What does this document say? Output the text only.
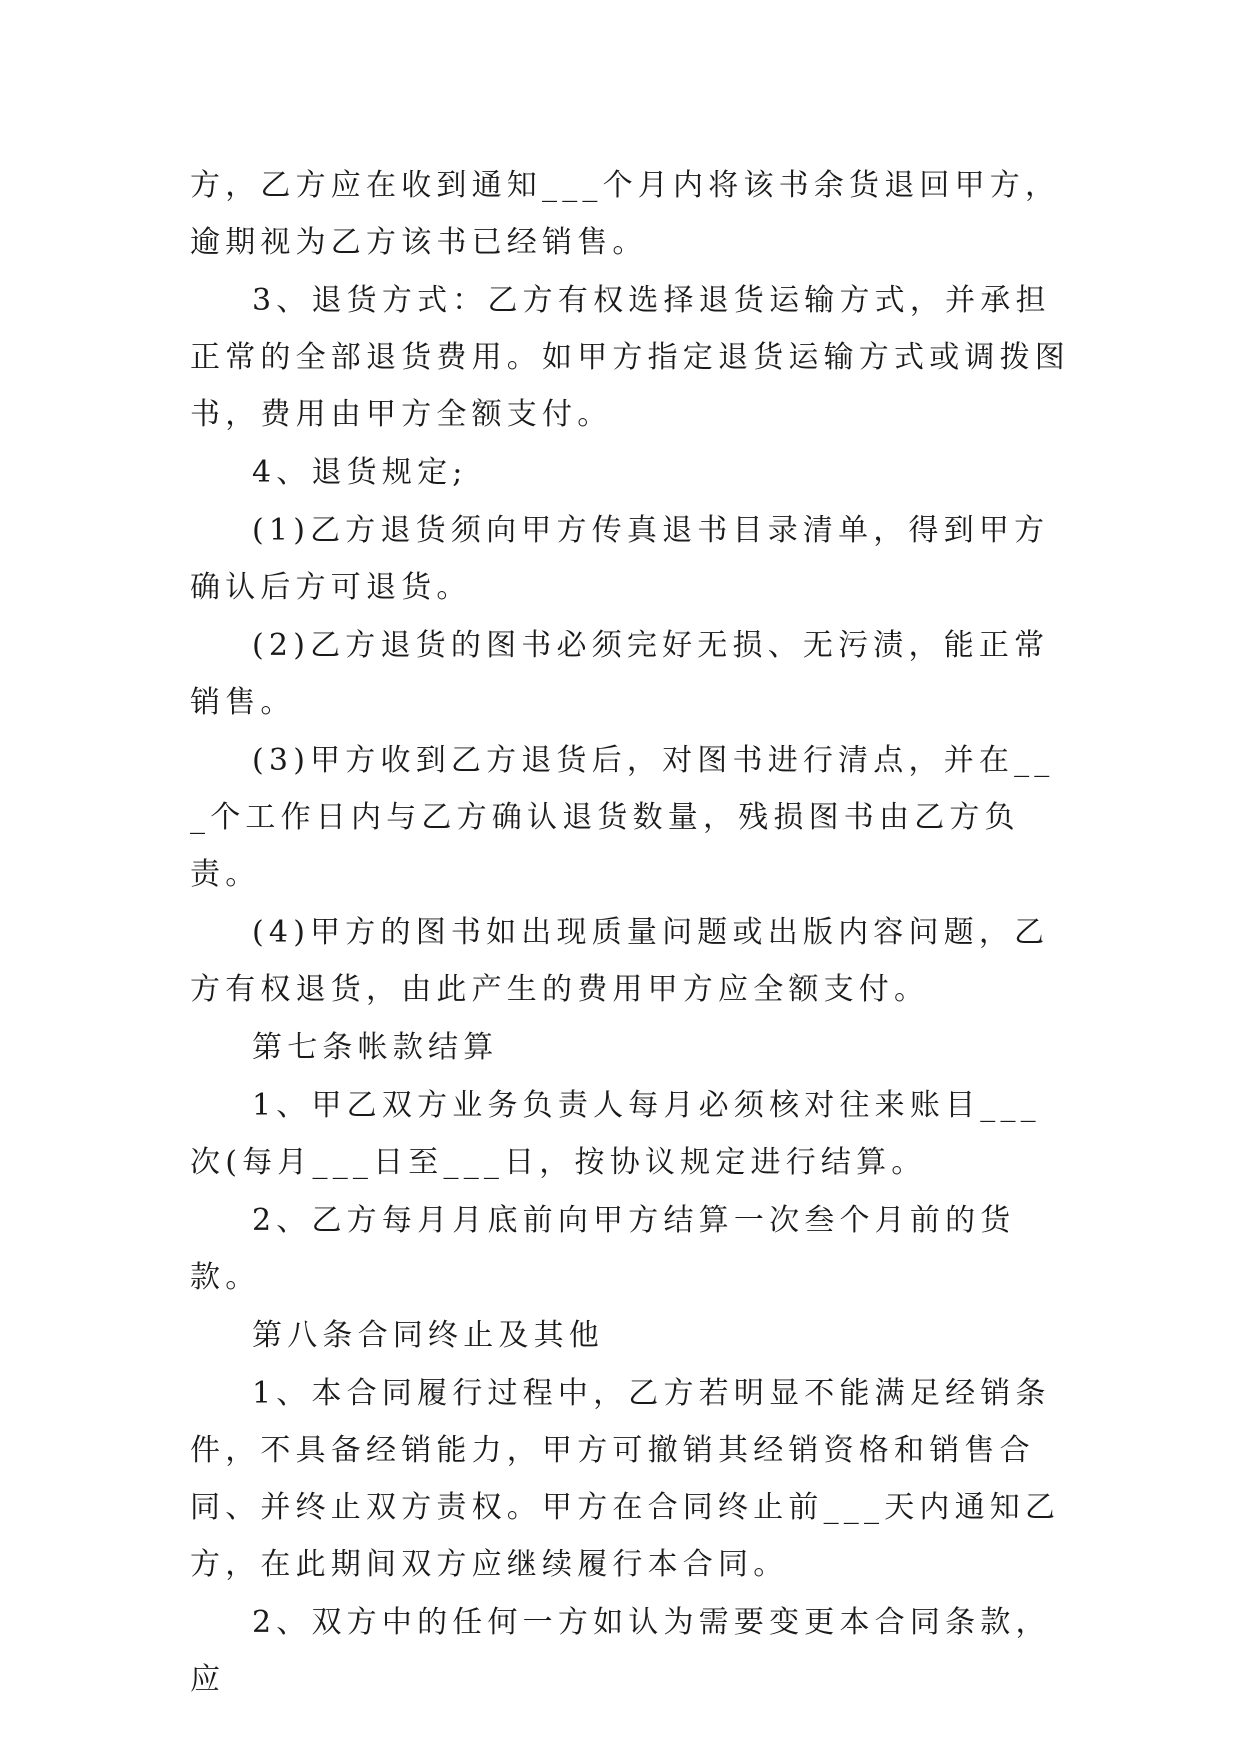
方，乙方应在收到通知___个月内将该书余货退回甲方，逾期视为乙方该书已经销售。

3、退货方式：乙方有权选择退货运输方式，并承担正常的全部退货费用。如甲方指定退货运输方式或调拨图书，费用由甲方全额支付。

4、退货规定;

(1)乙方退货须向甲方传真退书目录清单，得到甲方确认后方可退货。

(2)乙方退货的图书必须完好无损、无污渍，能正常销售。

(3)甲方收到乙方退货后，对图书进行清点，并在___个工作日内与乙方确认退货数量，残损图书由乙方负责。

(4)甲方的图书如出现质量问题或出版内容问题，乙方有权退货，由此产生的费用甲方应全额支付。

第七条帐款结算

1、甲乙双方业务负责人每月必须核对往来账目___次(每月___日至___日，按协议规定进行结算。

2、乙方每月月底前向甲方结算一次叁个月前的货款。

第八条合同终止及其他

1、本合同履行过程中，乙方若明显不能满足经销条件，不具备经销能力，甲方可撤销其经销资格和销售合同、并终止双方责权。甲方在合同终止前___天内通知乙方，在此期间双方应继续履行本合同。

2、双方中的任何一方如认为需要变更本合同条款，应
